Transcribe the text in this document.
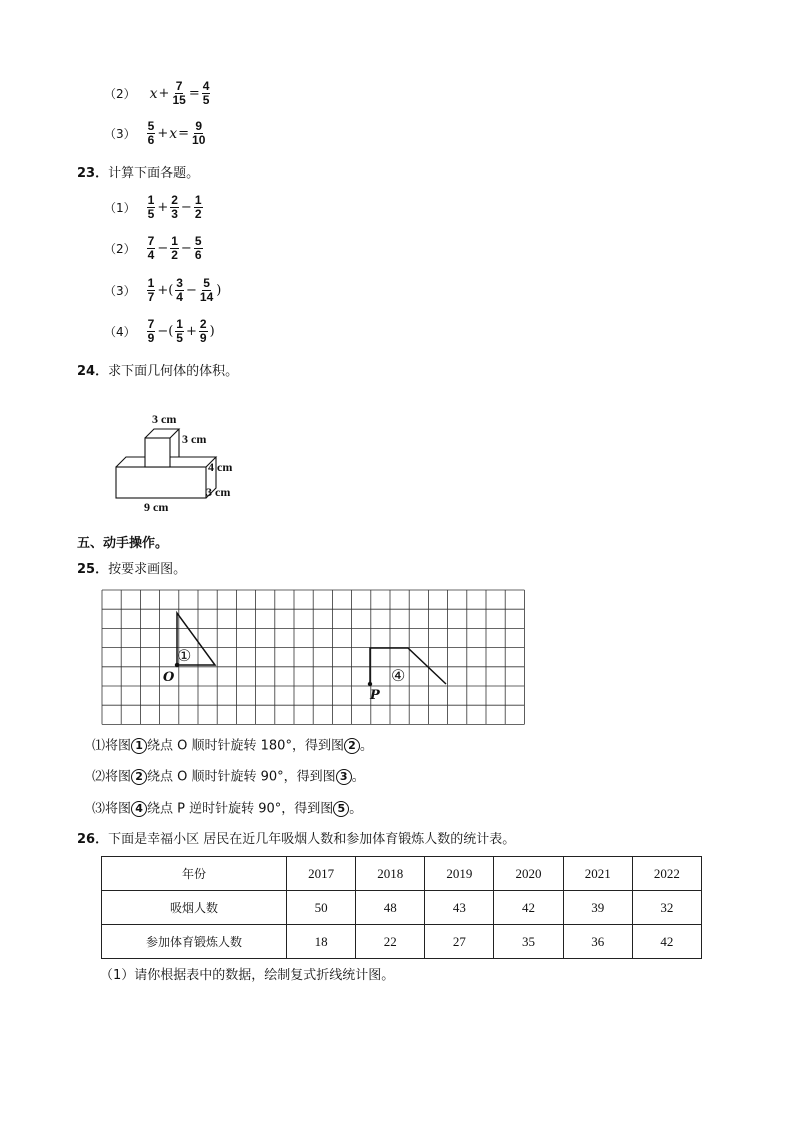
（2） $x + \frac{7}{15} = \frac{4}{5}$
$(3) \frac{5}{6} + x = \frac{9}{10}$
23．计算下面各题。
$(1) \frac{1}{5} + \frac{2}{3} - \frac{1}{2}$
$(2) \frac{7}{4} - \frac{1}{2} - \frac{5}{6}$
$(3) \frac{1}{7}$ +( $\frac{3}{4} - \frac{5}{14}$ )
$(4) \frac{7}{9}$ −( $\frac{1}{5} + \frac{2}{9}$ )
24．求下面几何体的体积。
3 cm
3 cm
4 cm
3 cm
9 cm
五、动手操作。
25．按要求画图。
①
④
O
P
⑴将图 1 绕点 O 顺时针旋转 180°，得到图 2 。
⑵将图 2 绕点 O 顺时针旋转 90°，得到图 3 。
⑶将图 4 绕点 P 逆时针旋转 90°，得到图 5 。
26．下面是幸福小区 居民在近几年吸烟人数和参加体育锻炼人数的统计表。
年份	2017	2018	2019	2020	2021	2022
吸烟人数	50	48	43	42	39	32
参加体育锻炼人数	18	22	27	35	36	42
（1）请你根据表中的数据，绘制复式折线统计图。
